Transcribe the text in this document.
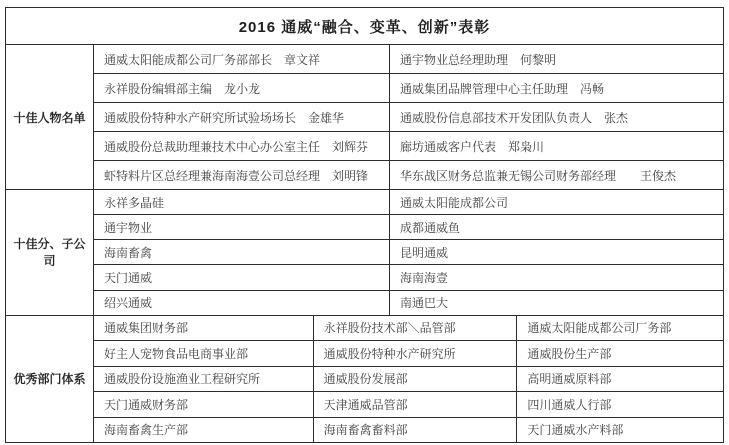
2016 通威“融合、变革、创新”表彰
十佳人物名单
通威太阳能成都公司厂务部部长　章文祥	通宇物业总经理助理　何黎明
永祥股份编辑部主编　龙小龙	通威集团品牌管理中心主任助理　冯畅
通威股份特种水产研究所试验场场长　金雄华	通威股份信息部技术开发团队负责人　张杰
通威股份总裁助理兼技术中心办公室主任　刘辉芬	廊坊通威客户代表　郑枭川
虾特料片区总经理兼海南海壹公司总经理　刘明锋	华东战区财务总监兼无锡公司财务部经理　　王俊杰
十佳分、子公司
永祥多晶硅	通威太阳能成都公司
通宇物业	成都通威鱼
海南畜禽	昆明通威
天门通威	海南海壹
绍兴通威	南通巴大
优秀部门体系
通威集团财务部	永祥股份技术部＼品管部	通威太阳能成都公司厂务部
好主人宠物食品电商事业部	通威股份特种水产研究所	通威股份生产部
通威股份设施渔业工程研究所	通威股份发展部	高明通威原料部
天门通威财务部	天津通威品管部	四川通威人行部
海南畜禽生产部	海南畜禽畜料部	天门通威水产料部
